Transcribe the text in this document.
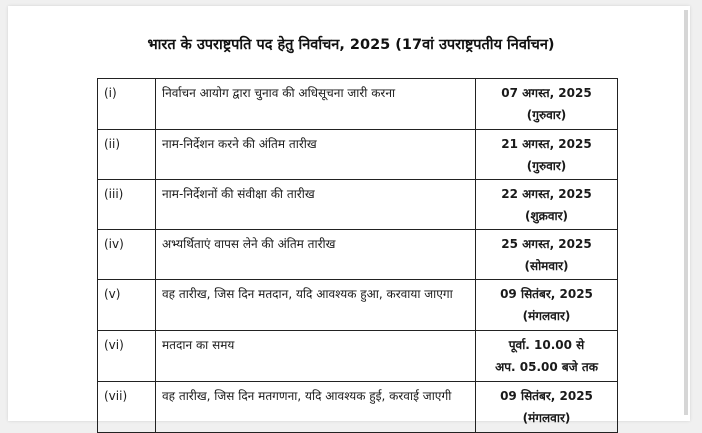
भारत के उपराष्ट्रपति पद हेतु निर्वाचन, 2025 (17वां उपराष्ट्रपतीय निर्वाचन)
(i)	निर्वाचन आयोग द्वारा चुनाव की अधिसूचना जारी करना	07 अगस्त, 2025
(गुरुवार)

(ii)	नाम-निर्देशन करने की अंतिम तारीख	21 अगस्त, 2025
(गुरुवार)

(iii)	नाम-निर्देशनों की संवीक्षा की तारीख	22 अगस्त, 2025
(शुक्रवार)

(iv)	अभ्यर्थिताएं वापस लेने की अंतिम तारीख	25 अगस्त, 2025
(सोमवार)

(v)	वह तारीख, जिस दिन मतदान, यदि आवश्यक हुआ, करवाया जाएगा	09 सितंबर, 2025
(मंगलवार)

(vi)	मतदान का समय	पूर्वा. 10.00 से
अप. 05.00 बजे तक

(vii)	वह तारीख, जिस दिन मतगणना, यदि आवश्यक हुई, करवाई जाएगी	09 सितंबर, 2025
(मंगलवार)
